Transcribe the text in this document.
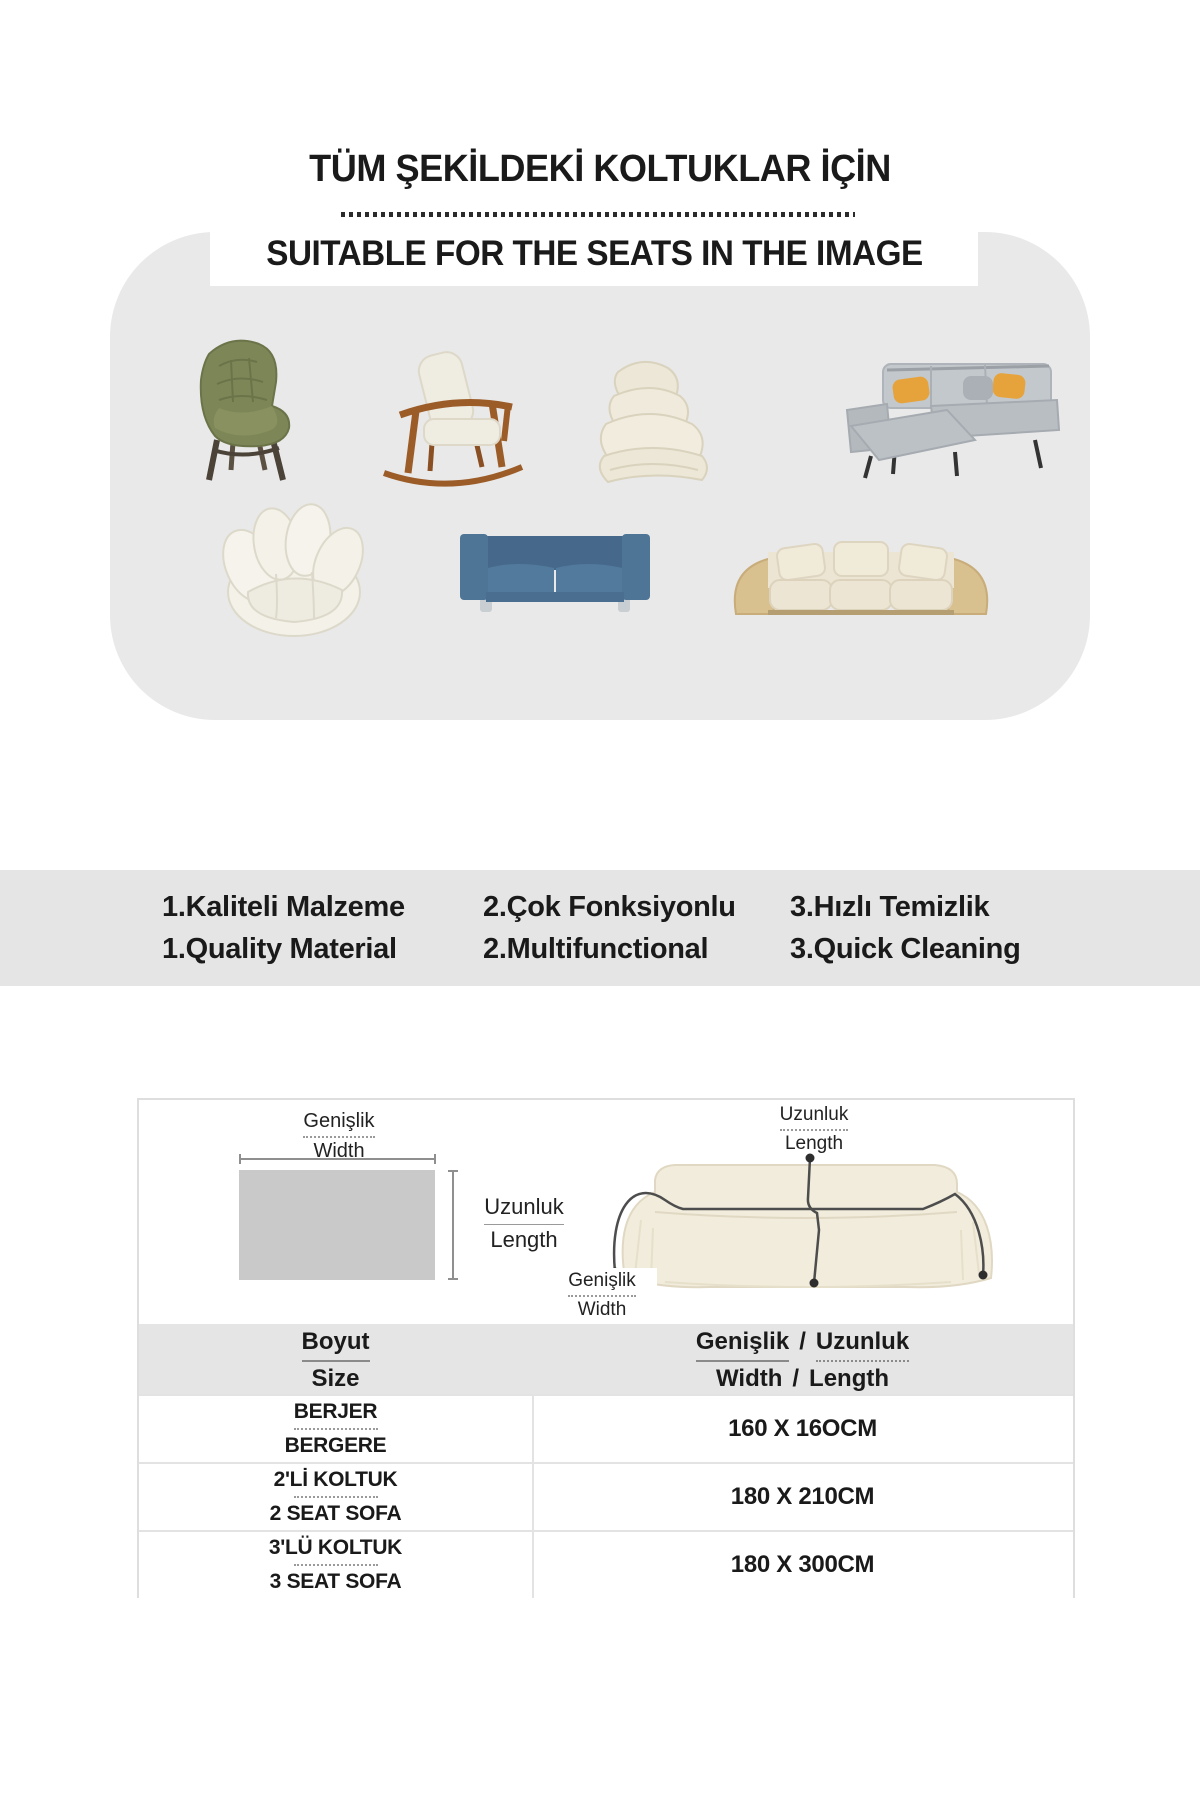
TÜM ŞEKİLDEKİ KOLTUKLAR İÇİN
SUITABLE FOR THE SEATS IN THE IMAGE
1.Kaliteli Malzeme
1.Quality Material
2.Çok Fonksiyonlu
2.Multifunctional
3.Hızlı Temizlik
3.Quick Cleaning
Genişlik
Width
Uzunluk
Length
Uzunluk
Length
Genişlik
Width
Boyut
Size
Genişlik / Uzunluk
Width / Length
BERJER
BERGERE
160 X 16OCM
2'Lİ KOLTUK
2 SEAT SOFA
180 X 210CM
3'LÜ KOLTUK
3 SEAT SOFA
180 X 300CM
